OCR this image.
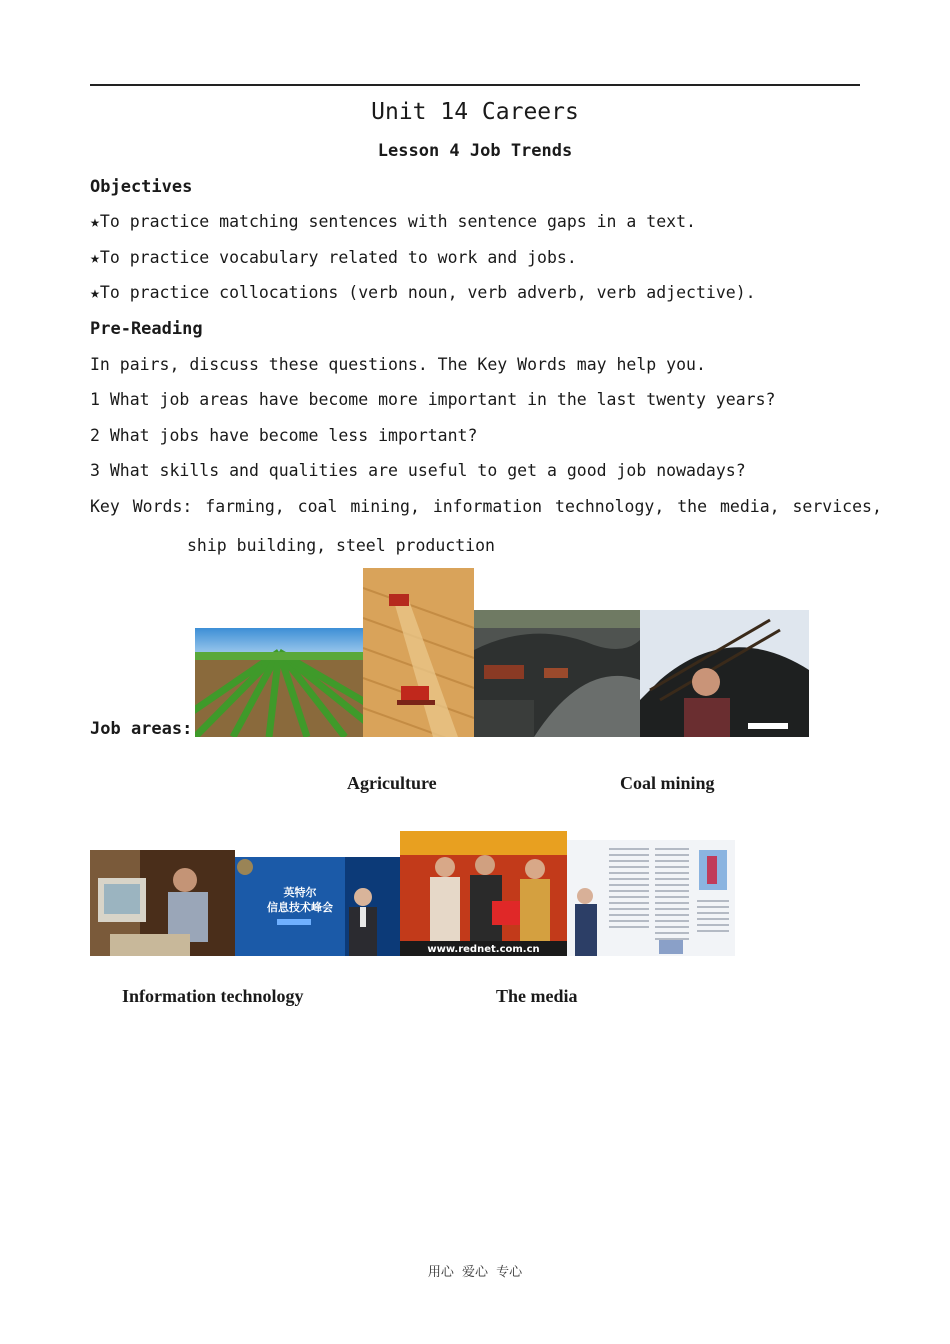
Unit 14 Careers
Lesson 4 Job Trends
Objectives
★To practice matching sentences with sentence gaps in a text.
★To practice vocabulary related to work and jobs.
★To practice collocations (verb noun, verb adverb, verb adjective).
Pre-Reading
In pairs, discuss these questions. The Key Words may help you.
1 What job areas have become more important in the last twenty years?
2 What jobs have become less important?
3 What skills and qualities are useful to get a good job nowadays?
Key Words: farming, coal mining, information technology, the media, services,
ship building, steel production
Job areas:
Agriculture	Coal mining
英特尔
信息技术峰会
www.rednet.com.cn
Information technology	The media
用心 爱心 专心
